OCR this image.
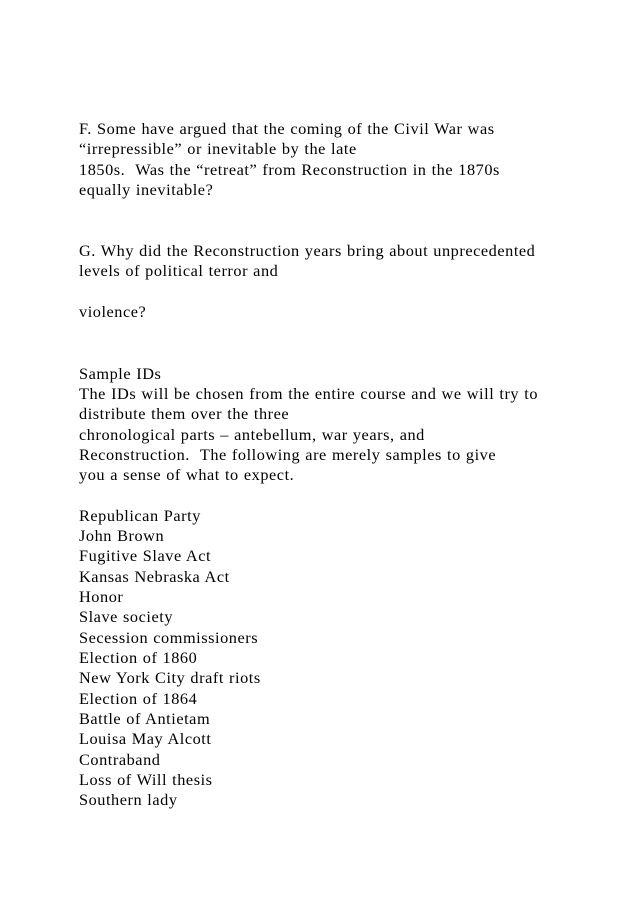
F. Some have argued that the coming of the Civil War was
“irrepressible” or inevitable by the late
1850s.  Was the “retreat” from Reconstruction in the 1870s
equally inevitable?
G. Why did the Reconstruction years bring about unprecedented
levels of political terror and
violence?
Sample IDs
The IDs will be chosen from the entire course and we will try to
distribute them over the three
chronological parts – antebellum, war years, and
Reconstruction.  The following are merely samples to give
you a sense of what to expect.
Republican Party
John Brown
Fugitive Slave Act
Kansas Nebraska Act
Honor
Slave society
Secession commissioners
Election of 1860
New York City draft riots
Election of 1864
Battle of Antietam
Louisa May Alcott
Contraband
Loss of Will thesis
Southern lady
